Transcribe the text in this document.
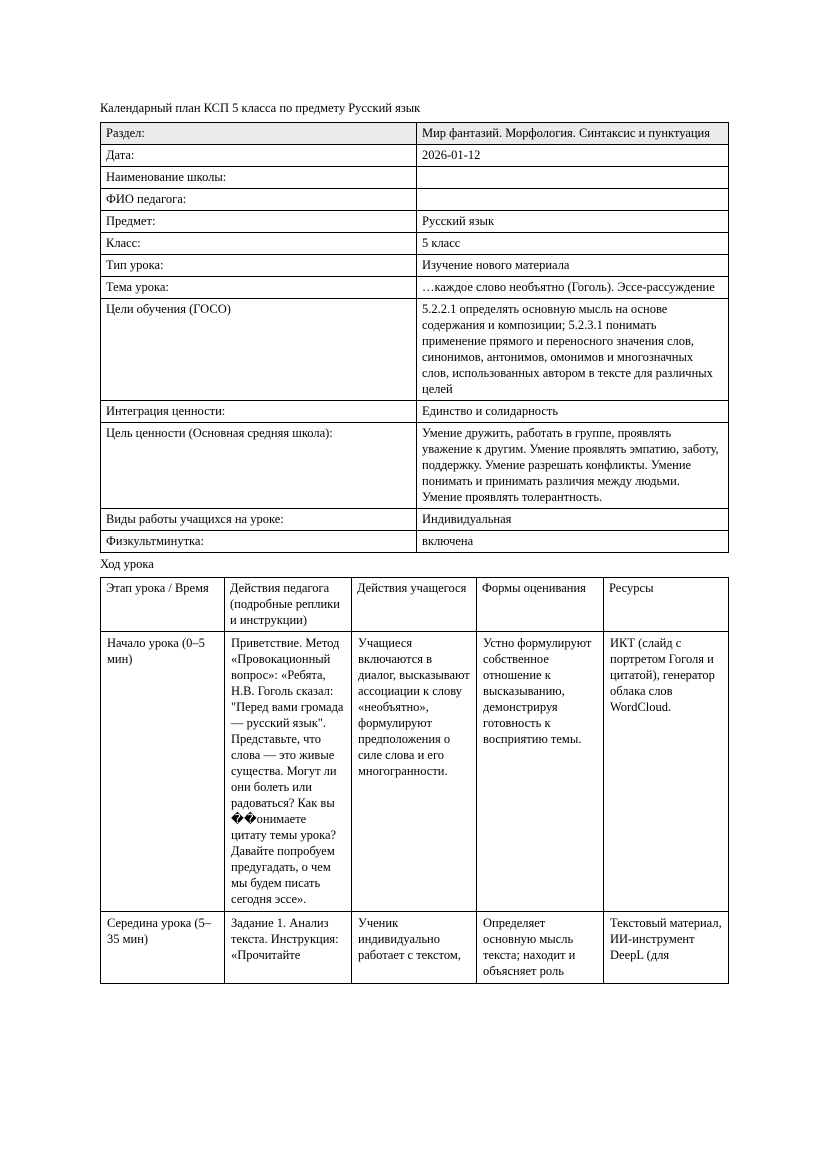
Календарный план КСП 5 класса по предмету Русский язык
Раздел:	Мир фантазий. Морфология. Синтаксис и пунктуация
Дата:	2026-01-12
Наименование школы:	
ФИО педагога:	
Предмет:	Русский язык
Класс:	5 класс
Тип урока:	Изучение нового материала
Тема урока:	…каждое слово необъятно (Гоголь). Эссе-рассуждение
Цели обучения (ГОСО)	5.2.2.1 определять основную мысль на основе содержания и композиции; 5.2.3.1 понимать применение прямого и переносного значения слов, синонимов, антонимов, омонимов и многозначных слов, использованных автором в тексте для различных целей
Интеграция ценности:	Единство и солидарность
Цель ценности (Основная средняя школа):	Умение дружить, работать в группе, проявлять уважение к другим. Умение проявлять эмпатию, заботу, поддержку. Умение разрешать конфликты. Умение понимать и принимать различия между людьми. Умение проявлять толерантность.
Виды работы учащихся на уроке:	Индивидуальная
Физкультминутка:	включена
Ход урока
Этап урока / Время	Действия педагога (подробные реплики и инструкции)	Действия учащегося	Формы оценивания	Ресурсы
Начало урока (0–5 мин)	Приветствие. Метод «Провокационный вопрос»: «Ребята, Н.В. Гоголь сказал: "Перед вами громада — русский язык". Представьте, что слова — это живые существа. Могут ли они болеть или радоваться? Как вы ��онимаете цитату темы урока? Давайте попробуем предугадать, о чем мы будем писать сегодня эссе».	Учащиеся включаются в диалог, высказывают ассоциации к слову «необъятно», формулируют предположения о силе слова и его многогранности.	Устно формулируют собственное отношение к высказыванию, демонстрируя готовность к восприятию темы.	ИКТ (слайд с портретом Гоголя и цитатой), генератор облака слов WordCloud.
Середина урока (5–35 мин)	Задание 1. Анализ текста. Инструкция: «Прочитайте	Ученик индивидуально работает с текстом,	Определяет основную мысль текста; находит и объясняет роль	Текстовый материал, ИИ-инструмент DeepL (для
